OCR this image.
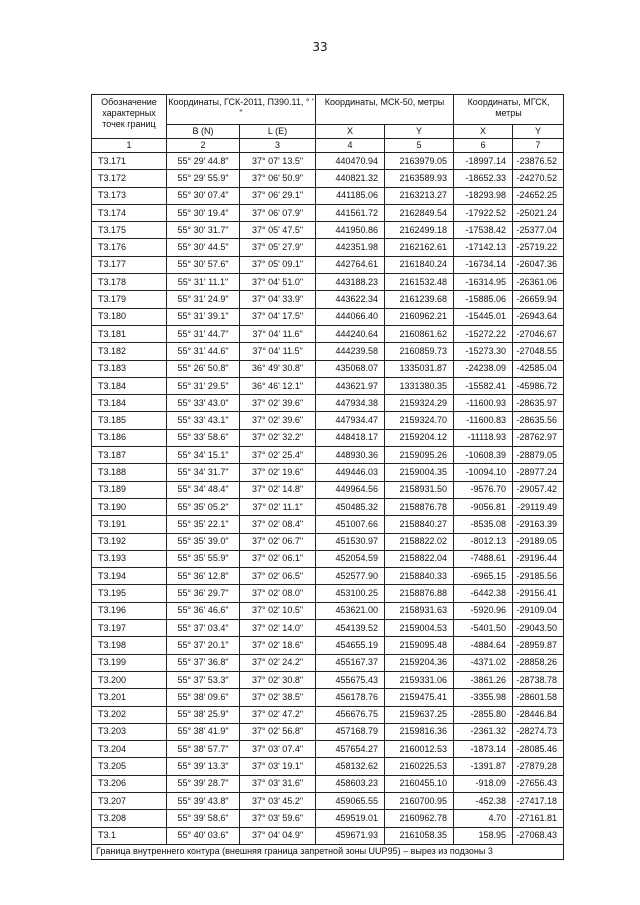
33
Обозначение характерных точек границ	Координаты, ГСК-2011, П390.11, ° ' "		Координаты, МСК-50, метры		Координаты, МГСК, метры	
	B (N)	L (E)	X	Y	X	Y
1	2	3	4	5	6	7
Т3.171	55° 29' 44.8"	37° 07' 13.5"	440470.94	2163979.05	-18997.14	-23876.52
Т3.172	55° 29' 55.9"	37° 06' 50.9"	440821.32	2163589.93	-18652.33	-24270.52
Т3.173	55° 30' 07.4"	37° 06' 29.1"	441185.06	2163213.27	-18293.98	-24652.25
Т3.174	55° 30' 19.4"	37° 06' 07.9"	441561.72	2162849.54	-17922.52	-25021.24
Т3.175	55° 30' 31.7"	37° 05' 47.5"	441950.86	2162499.18	-17538.42	-25377.04
Т3.176	55° 30' 44.5"	37° 05' 27.9"	442351.98	2162162.61	-17142.13	-25719.22
Т3.177	55° 30' 57.6"	37° 05' 09.1"	442764.61	2161840.24	-16734.14	-26047.36
Т3.178	55° 31' 11.1"	37° 04' 51.0"	443188.23	2161532.48	-16314.95	-26361.06
Т3.179	55° 31' 24.9"	37° 04' 33.9"	443622.34	2161239.68	-15885.06	-26659.94
Т3.180	55° 31' 39.1"	37° 04' 17.5"	444066.40	2160962.21	-15445.01	-26943.64
Т3.181	55° 31' 44.7"	37° 04' 11.6"	444240.64	2160861.62	-15272.22	-27046.67
Т3.182	55° 31' 44.6"	37° 04' 11.5"	444239.58	2160859.73	-15273.30	-27048.55
Т3.183	55° 26' 50.8"	36° 49' 30.8"	435068.07	1335031.87	-24238.09	-42585.04
Т3.184	55° 31' 29.5"	36° 46' 12.1"	443621.97	1331380.35	-15582.41	-45986.72
Т3.184	55° 33' 43.0"	37° 02' 39.6"	447934.38	2159324.29	-11600.93	-28635.97
Т3.185	55° 33' 43.1"	37° 02' 39.6"	447934.47	2159324.70	-11600.83	-28635.56
Т3.186	55° 33' 58.6"	37° 02' 32.2"	448418.17	2159204.12	-11118.93	-28762.97
Т3.187	55° 34' 15.1"	37° 02' 25.4"	448930.36	2159095.26	-10608.39	-28879.05
Т3.188	55° 34' 31.7"	37° 02' 19.6"	449446.03	2159004.35	-10094.10	-28977.24
Т3.189	55° 34' 48.4"	37° 02' 14.8"	449964.56	2158931.50	-9576.70	-29057.42
Т3.190	55° 35' 05.2"	37° 02' 11.1"	450485.32	2158876.78	-9056.81	-29119.49
Т3.191	55° 35' 22.1"	37° 02' 08.4"	451007.66	2158840.27	-8535.08	-29163.39
Т3.192	55° 35' 39.0"	37° 02' 06.7"	451530.97	2158822.02	-8012.13	-29189.05
Т3.193	55° 35' 55.9"	37° 02' 06.1"	452054.59	2158822.04	-7488.61	-29196.44
Т3.194	55° 36' 12.8"	37° 02' 06.5"	452577.90	2158840.33	-6965.15	-29185.56
Т3.195	55° 36' 29.7"	37° 02' 08.0"	453100.25	2158876.88	-6442.38	-29156.41
Т3.196	55° 36' 46.6"	37° 02' 10.5"	453621.00	2158931.63	-5920.96	-29109.04
Т3.197	55° 37' 03.4"	37° 02' 14.0"	454139.52	2159004.53	-5401.50	-29043.50
Т3.198	55° 37' 20.1"	37° 02' 18.6"	454655.19	2159095.48	-4884.64	-28959.87
Т3.199	55° 37' 36.8"	37° 02' 24.2"	455167.37	2159204.36	-4371.02	-28858.26
Т3.200	55° 37' 53.3"	37° 02' 30.8"	455675.43	2159331.06	-3861.26	-28738.78
Т3.201	55° 38' 09.6"	37° 02' 38.5"	456178.76	2159475.41	-3355.98	-28601.58
Т3.202	55° 38' 25.9"	37° 02' 47.2"	456676.75	2159637.25	-2855.80	-28446.84
Т3.203	55° 38' 41.9"	37° 02' 56.8"	457168.79	2159816.36	-2361.32	-28274.73
Т3.204	55° 38' 57.7"	37° 03' 07.4"	457654.27	2160012.53	-1873.14	-28085.46
Т3.205	55° 39' 13.3"	37° 03' 19.1"	458132.62	2160225.53	-1391.87	-27879.28
Т3.206	55° 39' 28.7"	37° 03' 31.6"	458603.23	2160455.10	-918.09	-27656.43
Т3.207	55° 39' 43.8"	37° 03' 45.2"	459065.55	2160700.95	-452.38	-27417.18
Т3.208	55° 39' 58.6"	37° 03' 59.6"	459519.01	2160962.78	4.70	-27161.81
Т3.1	55° 40' 03.6"	37° 04' 04.9"	459671.93	2161058.35	158.95	-27068.43
Граница внутреннего контура (внешняя граница запретной зоны UUP95) – вырез из подзоны 3						
